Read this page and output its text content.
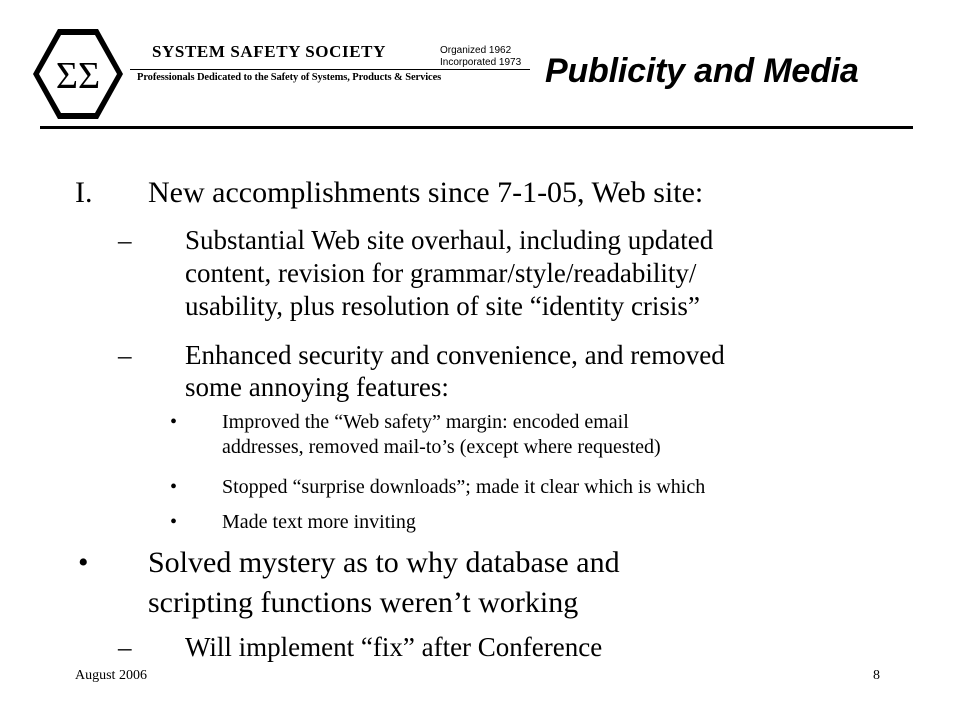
ΣΣ
SYSTEM SAFETY SOCIETY	Organized 1962
Incorporated 1973
Professionals Dedicated to the Safety of Systems, Products & Services	Publicity and Media
I. New accomplishments since 7-1-05, Web site:
– Substantial Web site overhaul, including updated
content, revision for grammar/style/readability/
usability, plus resolution of site “identity crisis”
– Enhanced security and convenience, and removed
some annoying features:
• Improved the “Web safety” margin: encoded email
addresses, removed mail-to’s (except where requested)
• Stopped “surprise downloads”; made it clear which is which
• Made text more inviting
• Solved mystery as to why database and
scripting functions weren’t working
– Will implement “fix” after Conference
August 2006	8
